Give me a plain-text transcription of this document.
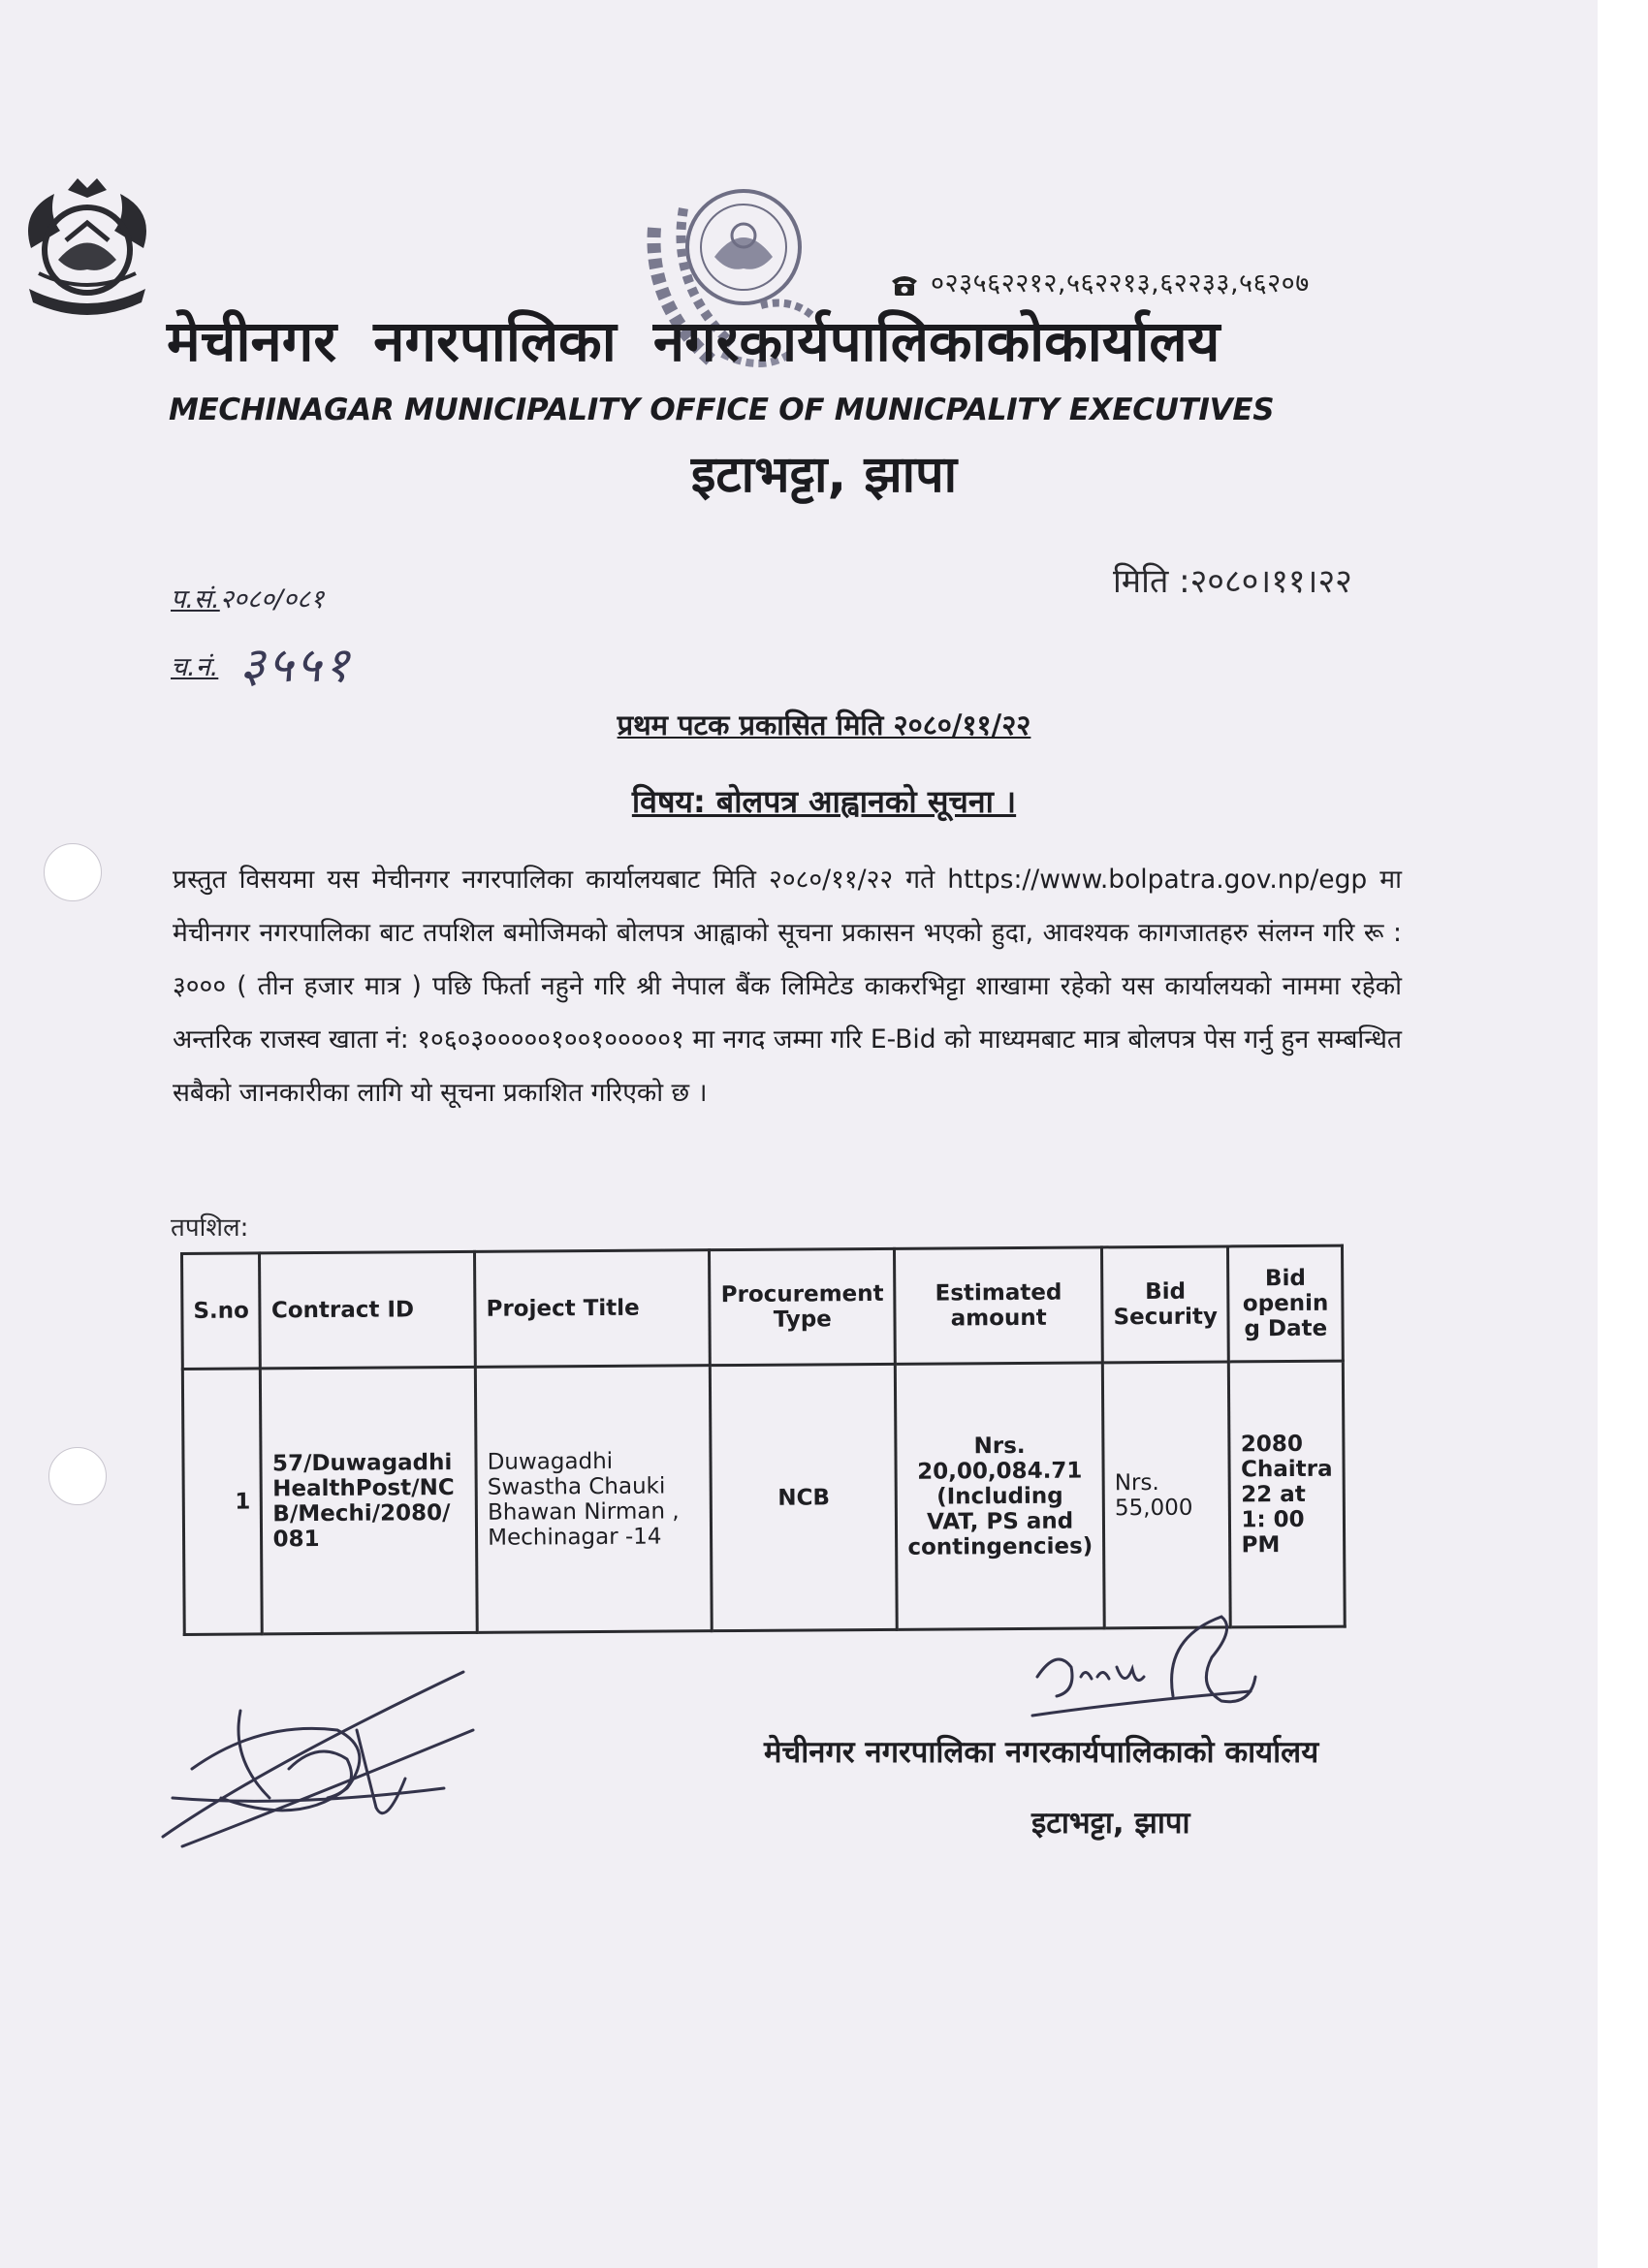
०२३५६२२१२,५६२२१३,६२२३३,५६२०७
मेचीनगर नगरपालिका नगरकार्यपालिकाकोकार्यालय
MECHINAGAR MUNICIPALITY OFFICE OF MUNICPALITY EXECUTIVES
इटाभट्टा, झापा
मिति :२०८०।११।२२
प.सं.२०८०/०८१
च.नं. ३५५१
प्रथम पटक प्रकासित मिति २०८०/११/२२
विषय: बोलपत्र आह्वानको सूचना ।
प्रस्तुत विसयमा यस मेचीनगर नगरपालिका कार्यालयबाट मिति २०८०/११/२२ गते https://www.bolpatra.gov.np/egp मा मेचीनगर नगरपालिका बाट तपशिल बमोजिमको बोलपत्र आह्वाको सूचना प्रकासन भएको हुदा, आवश्यक कागजातहरु संलग्न गरि रू : ३००० ( तीन हजार मात्र ) पछि फिर्ता नहुने गरि श्री नेपाल बैंक लिमिटेड काकरभिट्टा शाखामा रहेको यस कार्यालयको नाममा रहेको अन्तरिक राजस्व खाता नं: १०६०३०००००१००१०००००१ मा नगद जम्मा गरि E-Bid को माध्यमबाट मात्र बोलपत्र पेस गर्नु हुन सम्बन्धित सबैको जानकारीका लागि यो सूचना प्रकाशित गरिएको छ ।
तपशिल:
S.no	Contract ID	Project Title	Procurement Type	Estimated amount	Bid Security	Bid openin g Date
1	57/DuwagadhiHealthPost/NCB/Mechi/2080/081	Duwagadhi Swastha Chauki Bhawan Nirman , Mechinagar -14	NCB	Nrs. 20,00,084.71 (Including VAT, PS and contingencies)	Nrs. 55,000	2080 Chaitra 22 at 1: 00 PM
मेचीनगर नगरपालिका नगरकार्यपालिकाको कार्यालय
इटाभट्टा, झापा
